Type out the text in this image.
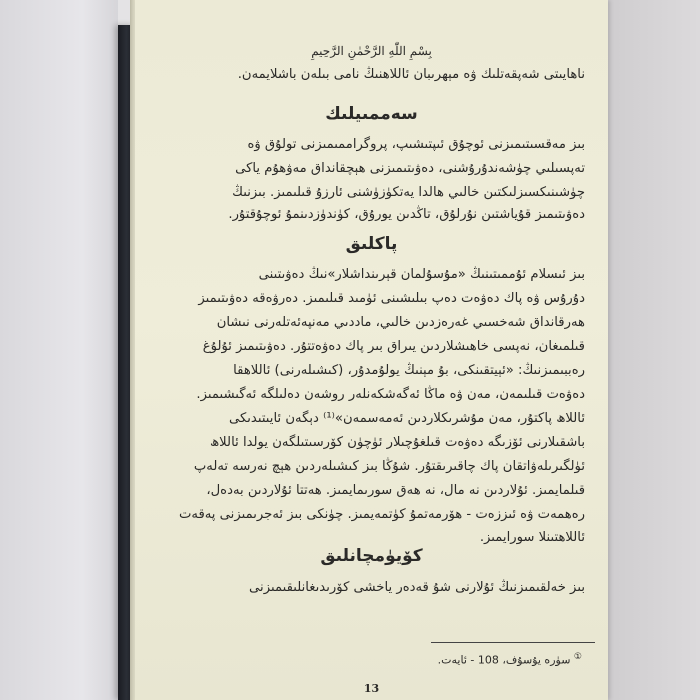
بِسْمِ اللّٰهِ الرَّحْمٰنِ الرَّحِيمِ

ناھايىتى شەپقەتلىك ۋە مېھرىبان ئاللاھنىڭ نامى بىلەن باشلايمەن.

سەممىيلىك

بىز مەقسىتىمىزنى ئوچۇق ئىپتىشىپ، پروگراممىمىزنى تولۇق ۋە

تەپسىلىي چۈشەندۇرۇشنى، دەۋىتىمىزنى ھېچقانداق مەۋھۇم ياكى

چۈشىنىكسىزلىكتىن خالىي ھالدا يەتكۈزۈشنى ئارزۇ قىلىمىز. بىزنىڭ

دەۋىتىمىز قۇياشتىن نۇرلۇق، تاڭدىن يورۇق، كۈندۈزدىنمۇ ئوچۇقتۇر.

پاكلىق

بىز ئىسلام ئۇممىتىنىڭ «مۇسۇلمان قېرىنداشلار»نىڭ دەۋىتىنى

دۇرۇس ۋە پاك دەۋەت دەپ بىلىشىنى ئۈمىد قىلىمىز. دەرۋەقە دەۋىتىمىز

ھەرقانداق شەخسىي غەرەزدىن خالىي، ماددىي مەنپەئەتلەرنى نىشان

قىلمىغان، نەپسى خاھىشلاردىن يىراق بىر پاك دەۋەتتۇر. دەۋىتىمىز ئۇلۇغ

رەببىمىزنىڭ: «ئېيتقىنكى، بۇ مېنىڭ يولۇمدۇر، (كىشىلەرنى) ئاللاھقا

دەۋەت قىلىمەن، مەن ۋە ماڭا ئەگەشكەنلەر روشەن دەلىلگە ئەگىشىمىز.

ئاللاھ پاكتۇر، مەن مۇشرىكلاردىن ئەمەسمەن»⁽¹⁾ دېگەن ئايىتىدىكى

باشقىلارنى ئۆزىگە دەۋەت قىلغۇچىلار ئۈچۈن كۆرسىتىلگەن يولدا ئاللاھ

ئۈلگىرىلەۋاتقان پاك چاقىرىقتۇر. شۇڭا بىز كىشىلەردىن ھېچ نەرسە تەلەپ

قىلمايمىز. ئۇلاردىن نە مال، نە ھەق سورىمايمىز. ھەتتا ئۇلاردىن بەدەل،

رەھمەت ۋە ئىززەت - ھۆرمەتمۇ كۈتمەيمىز. چۈنكى بىز ئەجرىمىزنى پەقەت

ئاللاھتىنلا سورايمىز.

كۆيۈمچانلىق

بىز خەلقىمىزنىڭ ئۇلارنى شۇ قەدەر ياخشى كۆرىدىغانلىقىمىزنى

① سۈرە يۇسۇف، 108 - ئايەت.
13
